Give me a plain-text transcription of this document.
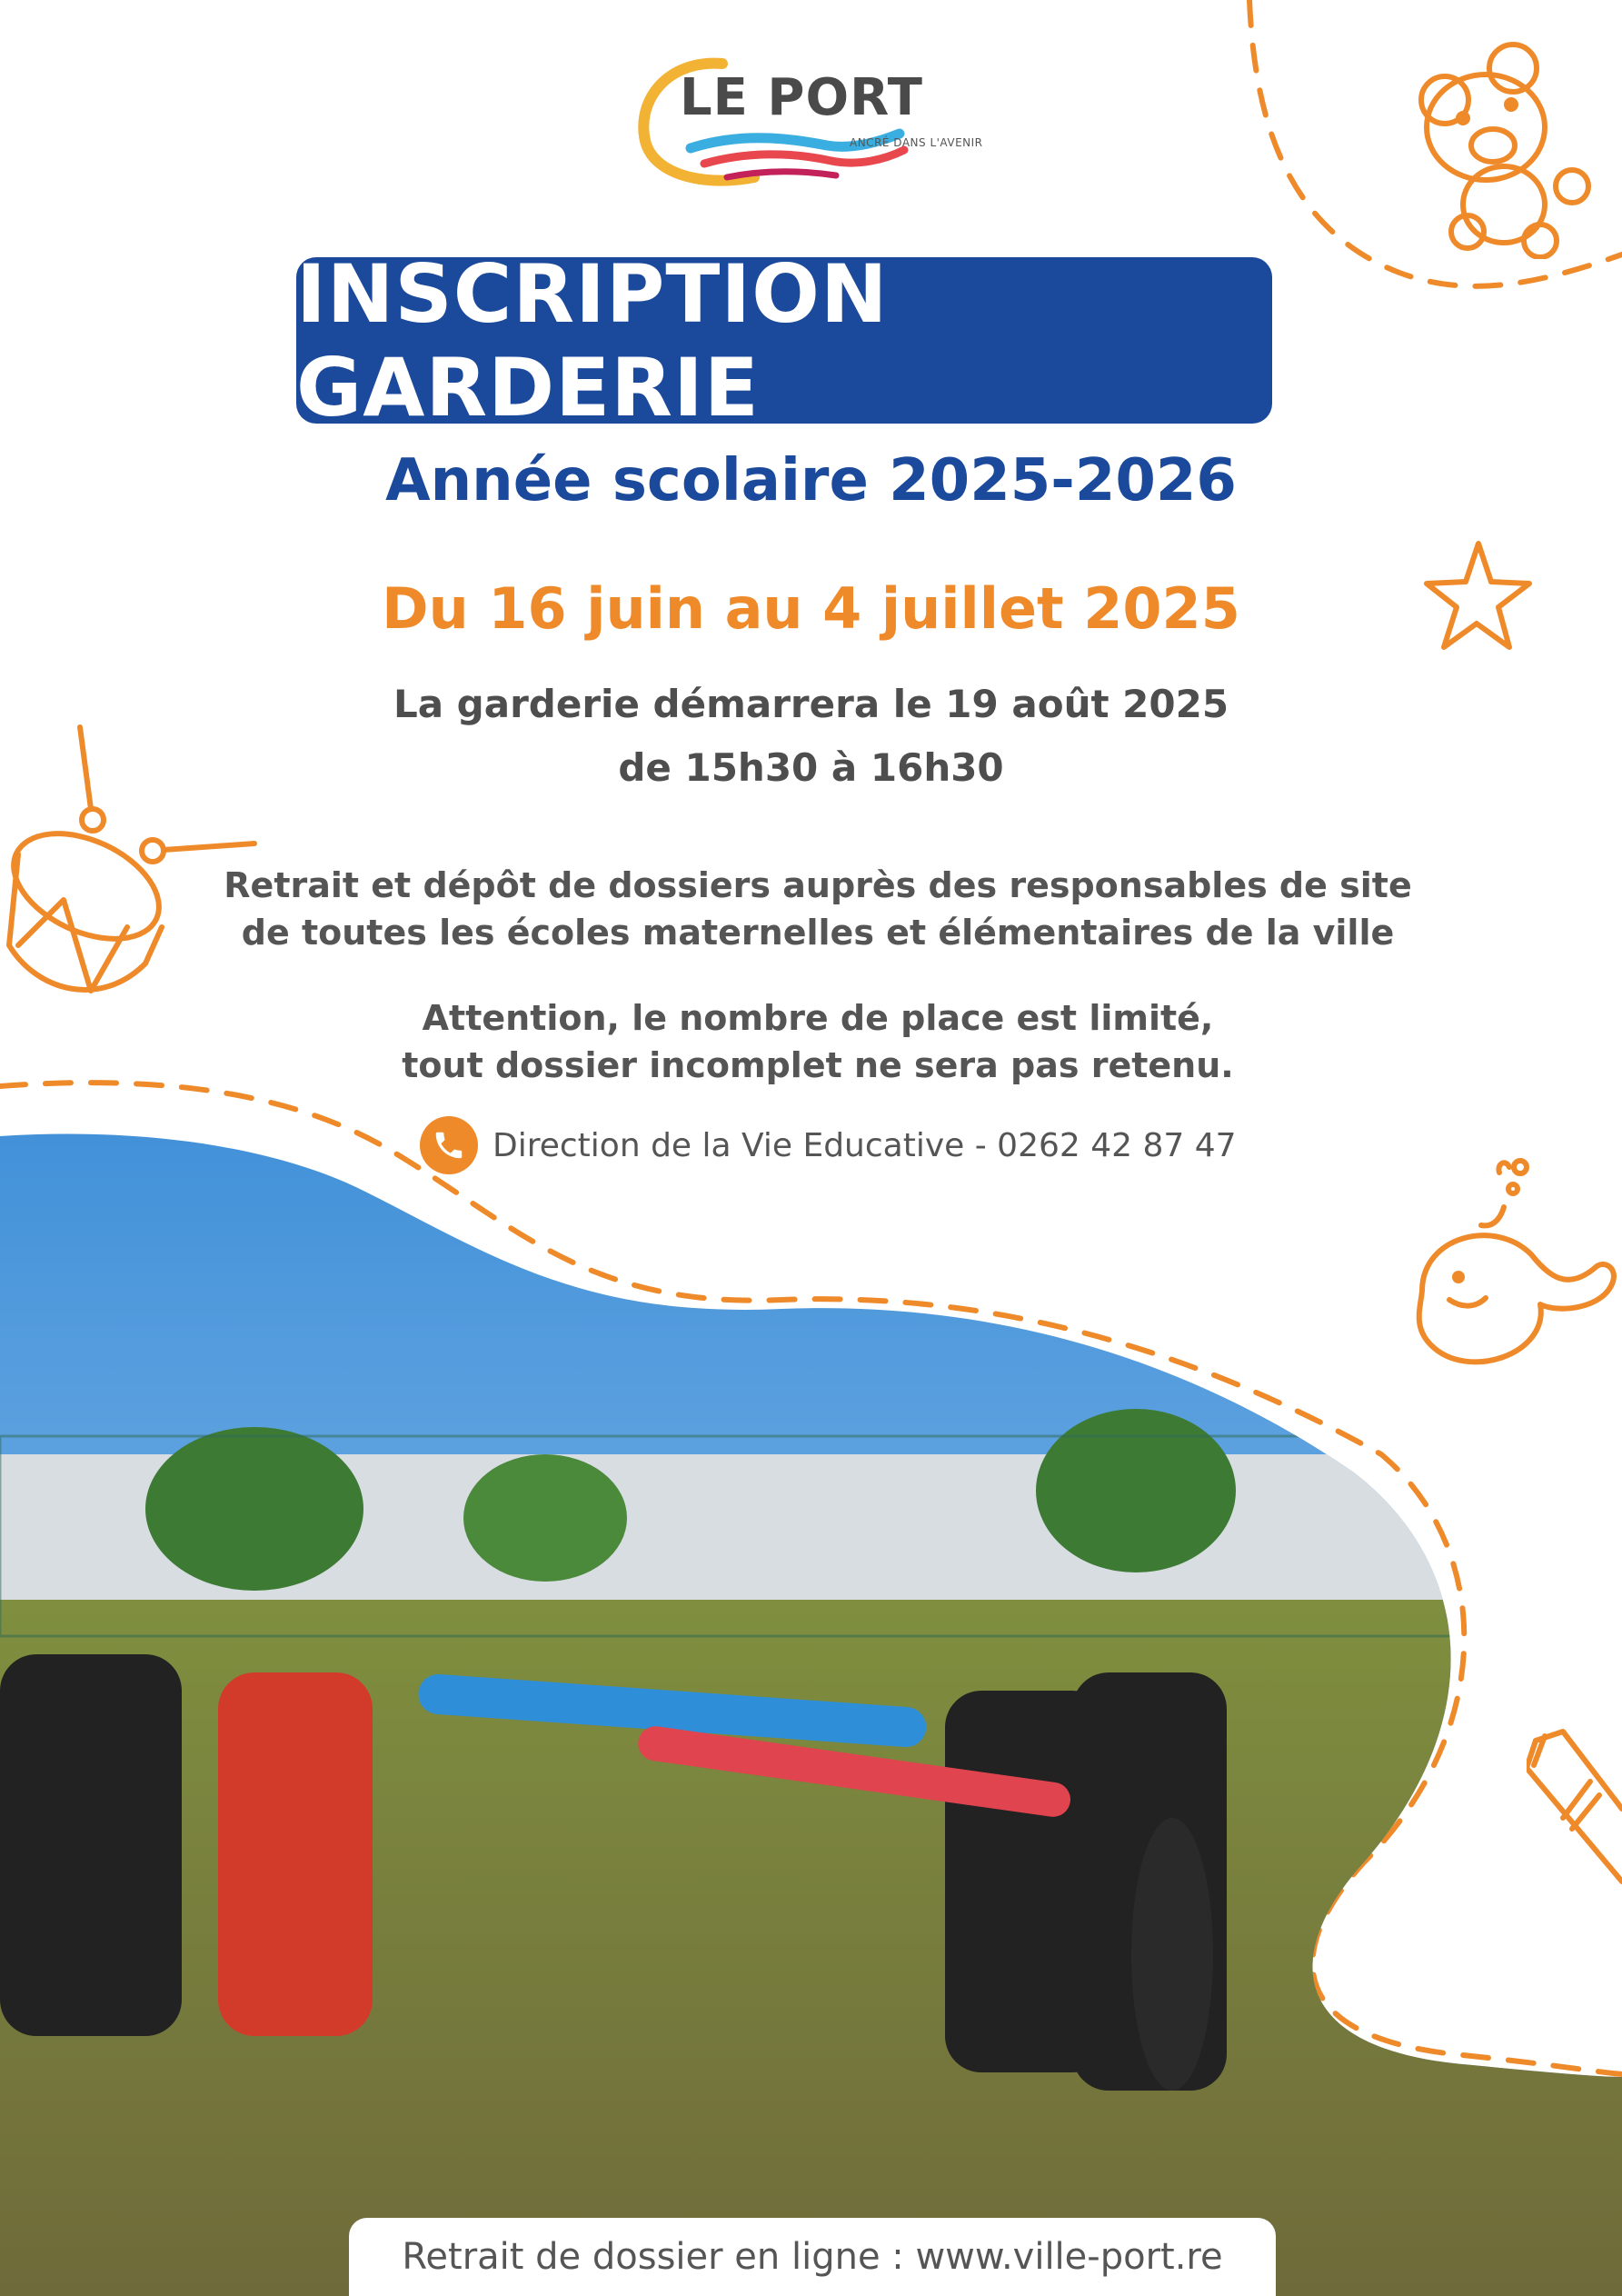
LE PORT
ANCRÉ DANS L'AVENIR
INSCRIPTION GARDERIE
Année scolaire 2025-2026
Du 16 juin au 4 juillet 2025
La garderie démarrera le 19 août 2025
de 15h30 à 16h30
Retrait et dépôt de dossiers auprès des responsables de site
de toutes les écoles maternelles et élémentaires de la ville
Attention, le nombre de place est limité,
tout dossier incomplet ne sera pas retenu.
Direction de la Vie Educative - 0262 42 87 47
Retrait de dossier en ligne : www.ville-port.re
